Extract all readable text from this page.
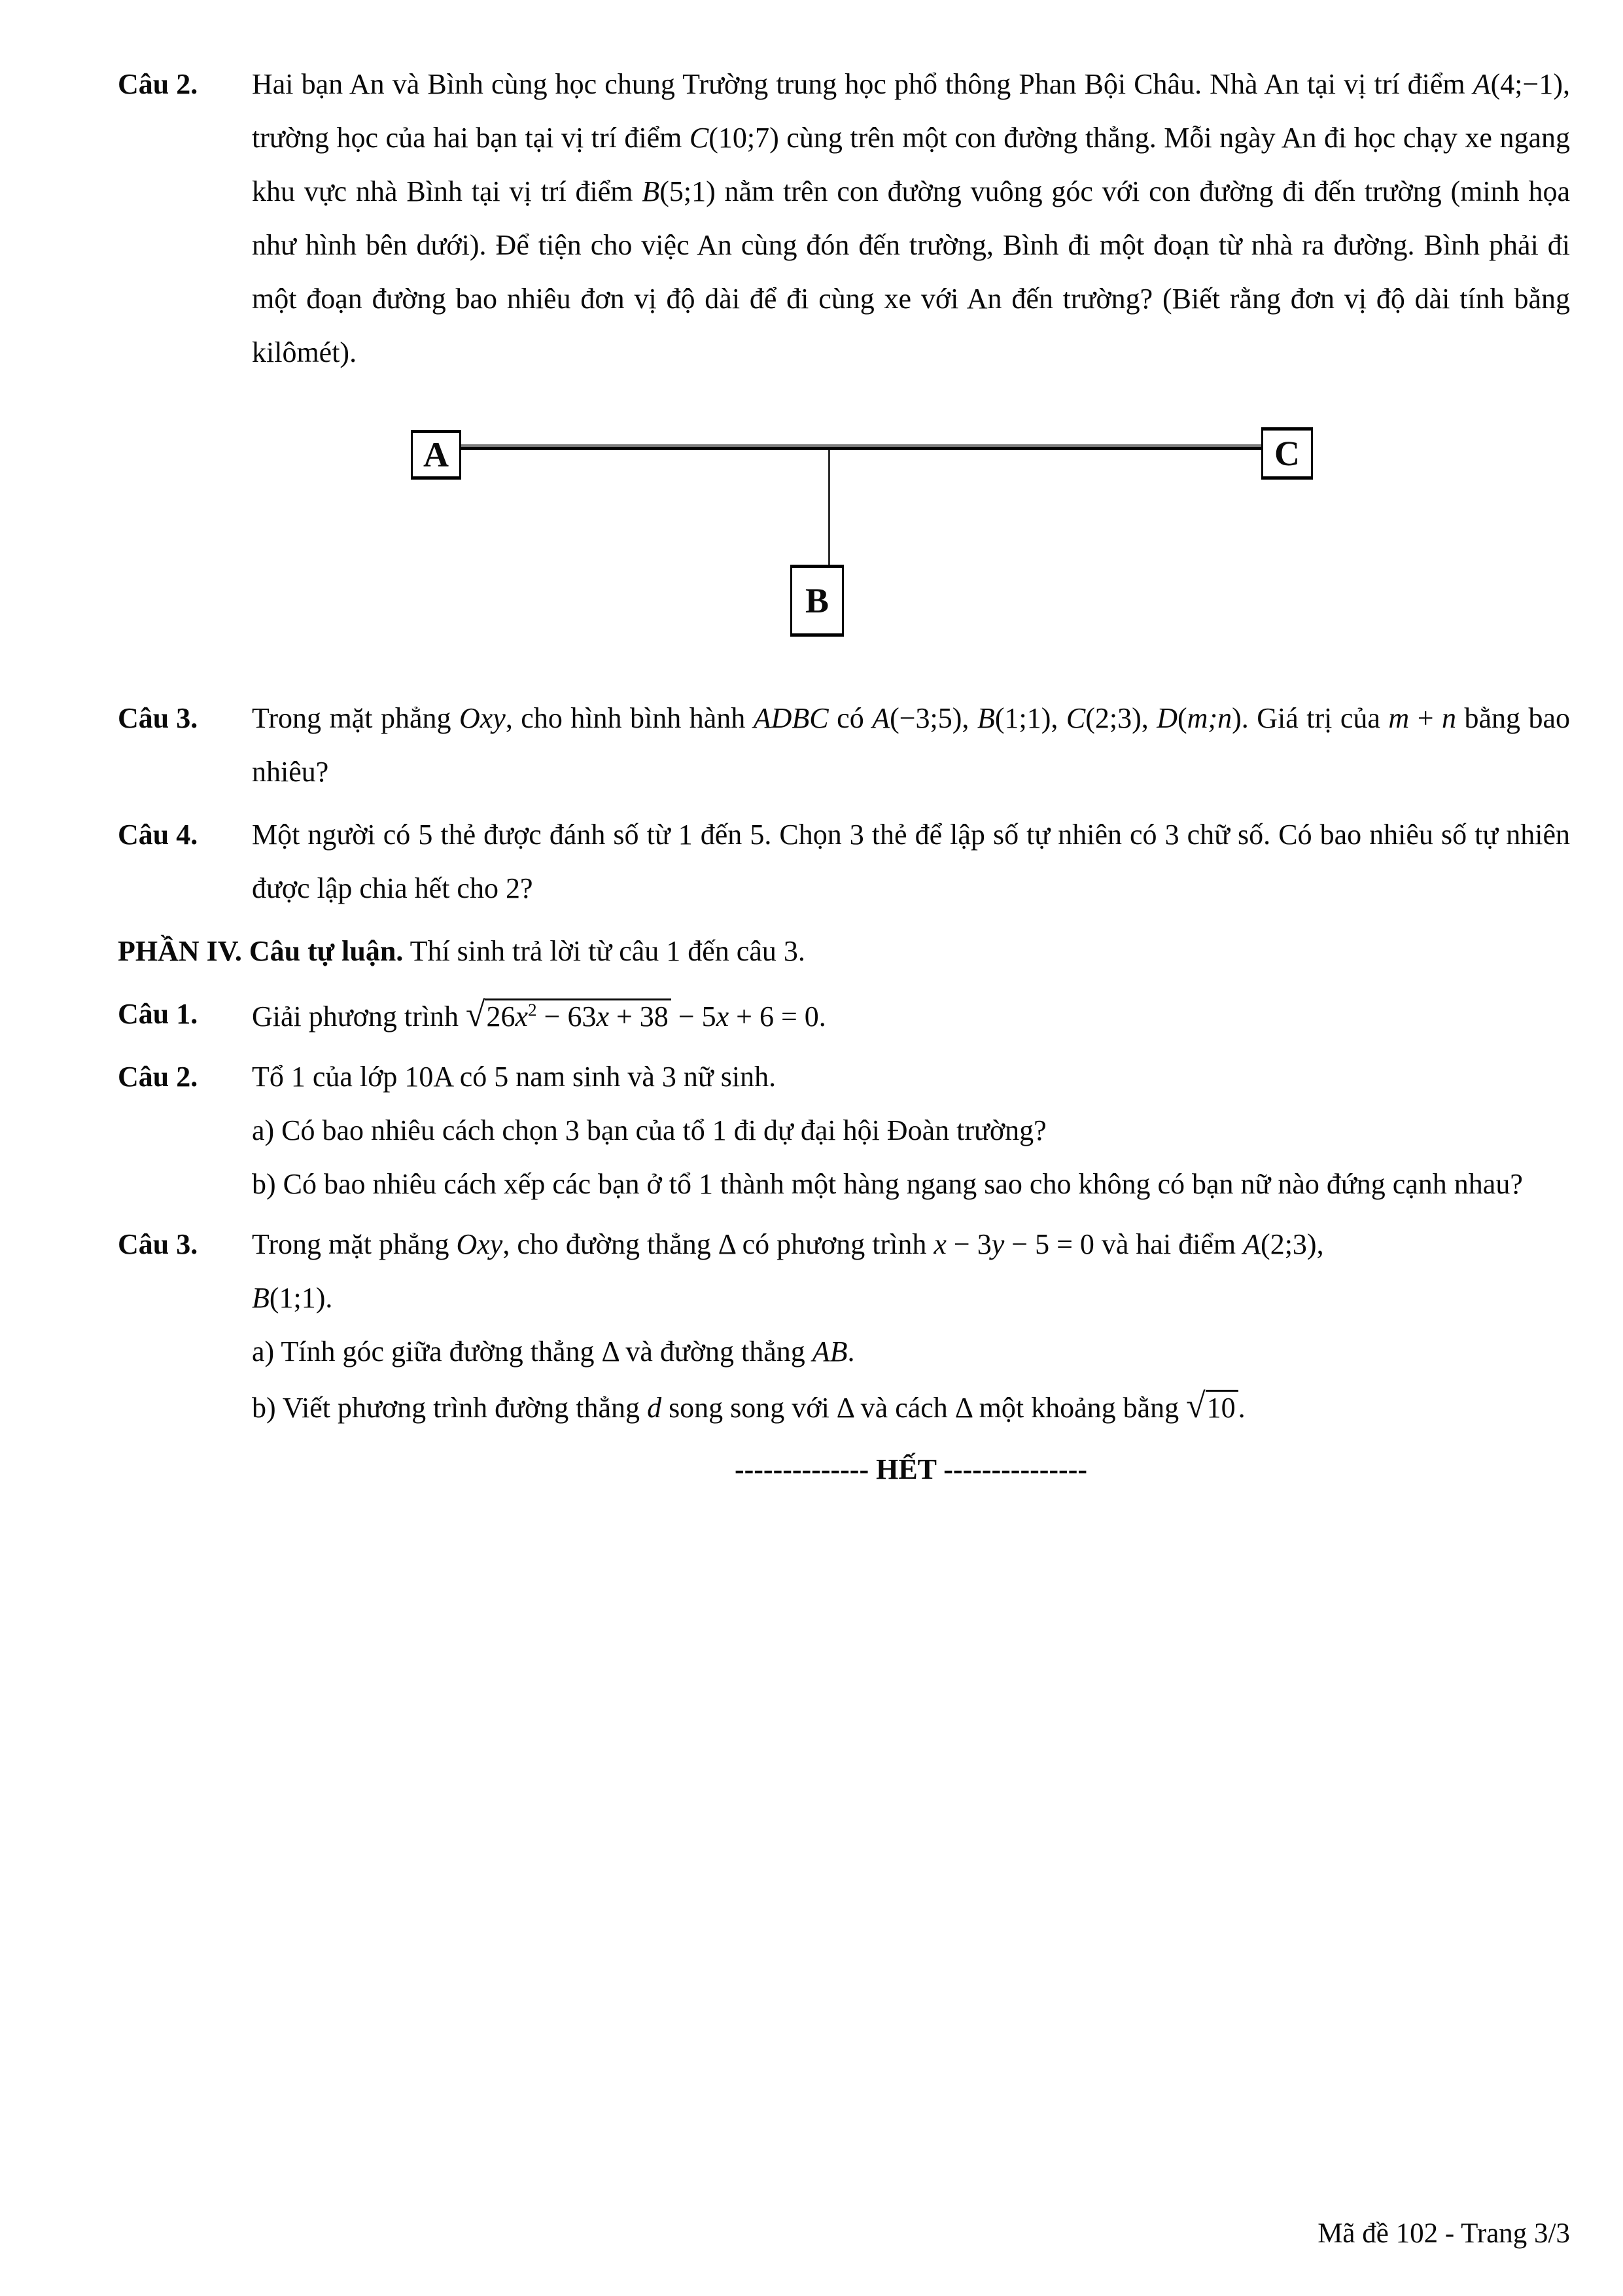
Câu 2.	Hai bạn An và Bình cùng học chung Trường trung học phổ thông Phan Bội Châu. Nhà An tại vị trí điểm A(4;−1), trường học của hai bạn tại vị trí điểm C(10;7) cùng trên một con đường thẳng. Mỗi ngày An đi học chạy xe ngang khu vực nhà Bình tại vị trí điểm B(5;1) nằm trên con đường vuông góc với con đường đi đến trường (minh họa như hình bên dưới). Để tiện cho việc An cùng đón đến trường, Bình đi một đoạn từ nhà ra đường. Bình phải đi một đoạn đường bao nhiêu đơn vị độ dài để đi cùng xe với An đến trường? (Biết rằng đơn vị độ dài tính bằng kilômét).
A	C
B
Câu 3.	Trong mặt phẳng Oxy, cho hình bình hành ADBC có A(−3;5), B(1;1), C(2;3), D(m;n). Giá trị của m + n bằng bao nhiêu?
Câu 4.	Một người có 5 thẻ được đánh số từ 1 đến 5. Chọn 3 thẻ để lập số tự nhiên có 3 chữ số. Có bao nhiêu số tự nhiên được lập chia hết cho 2?
PHẦN IV. Câu tự luận. Thí sinh trả lời từ câu 1 đến câu 3.
Câu 1.	Giải phương trình $√26x^2 - 63x + 38 - 5x + 6 = 0$.
Câu 2.	Tổ 1 của lớp 10A có 5 nam sinh và 3 nữ sinh.

a) Có bao nhiêu cách chọn 3 bạn của tổ 1 đi dự đại hội Đoàn trường?

b) Có bao nhiêu cách xếp các bạn ở tổ 1 thành một hàng ngang sao cho không có bạn nữ nào đứng cạnh nhau?

Câu 3.	Trong mặt phẳng Oxy, cho đường thẳng Δ có phương trình x − 3y − 5 = 0 và hai điểm A(2;3),

B(1;1).

a) Tính góc giữa đường thẳng Δ và đường thẳng AB.

b) Viết phương trình đường thẳng d song song với Δ và cách Δ một khoảng bằng √10.

-------------- HẾT ---------------
Mã đề 102 - Trang 3/3
